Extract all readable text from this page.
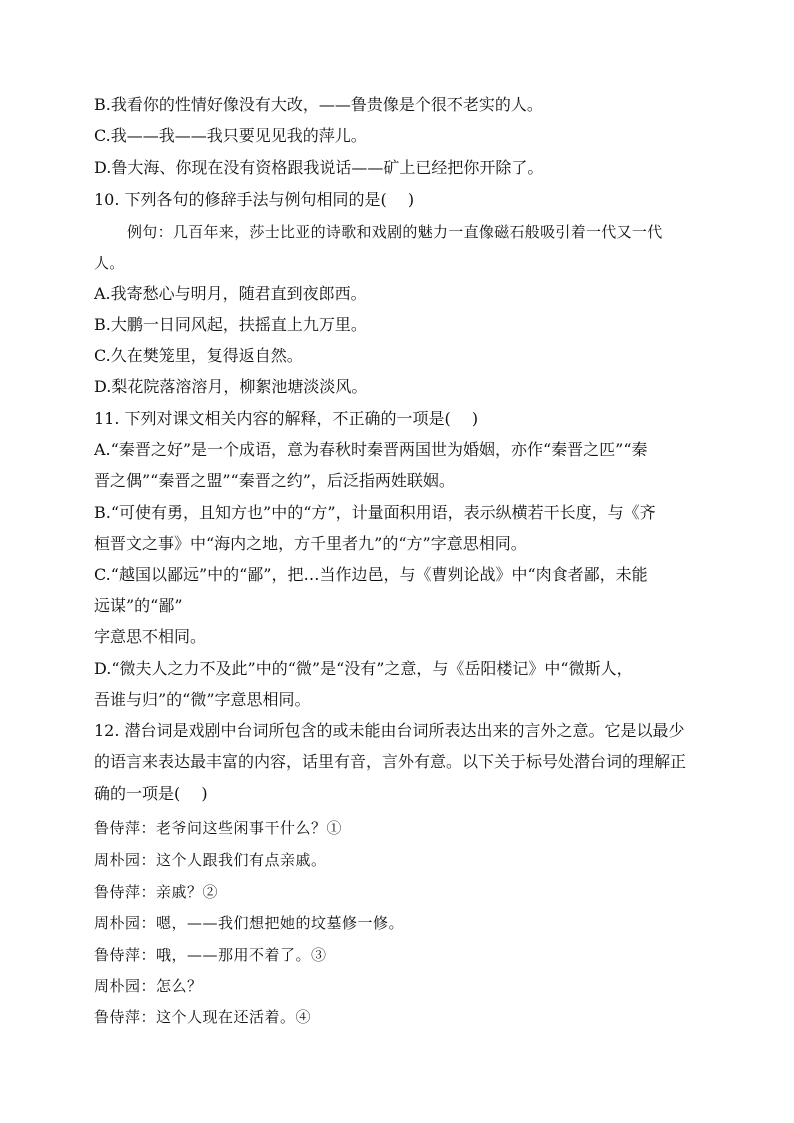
B.我看你的性情好像没有大改，——鲁贵像是个很不老实的人。
C.我——我——我只要见见我的萍儿。
D.鲁大海、你现在没有资格跟我说话——矿上已经把你开除了。
10. 下列各句的修辞手法与例句相同的是(　 )
例句：几百年来，莎士比亚的诗歌和戏剧的魅力一直像磁石般吸引着一代又一代
人。
A.我寄愁心与明月，随君直到夜郎西。
B.大鹏一日同风起，扶摇直上九万里。
C.久在樊笼里，复得返自然。
D.梨花院落溶溶月，柳絮池塘淡淡风。
11. 下列对课文相关内容的解释，不正确的一项是(　 )
A.“秦晋之好”是一个成语，意为春秋时秦晋两国世为婚姻，亦作“秦晋之匹”“秦
晋之偶”“秦晋之盟”“秦晋之约”，后泛指两姓联姻。
B.“可使有勇，且知方也”中的“方”，计量面积用语，表示纵横若干长度，与《齐
桓晋文之事》中“海内之地，方千里者九”的“方”字意思相同。
C.“越国以鄙远”中的“鄙”，把…当作边邑，与《曹刿论战》中“肉食者鄙，未能
远谋”的“鄙”
字意思不相同。
D.“微夫人之力不及此”中的“微”是“没有”之意，与《岳阳楼记》中“微斯人，
吾谁与归”的“微”字意思相同。
12. 潜台词是戏剧中台词所包含的或未能由台词所表达出来的言外之意。它是以最少
的语言来表达最丰富的内容，话里有音，言外有意。以下关于标号处潜台词的理解正
确的一项是(　 )
鲁侍萍：老爷问这些闲事干什么？①
周朴园：这个人跟我们有点亲戚。
鲁侍萍：亲戚？②
周朴园：嗯，——我们想把她的坟墓修一修。
鲁侍萍：哦，——那用不着了。③
周朴园：怎么？
鲁侍萍：这个人现在还活着。④
